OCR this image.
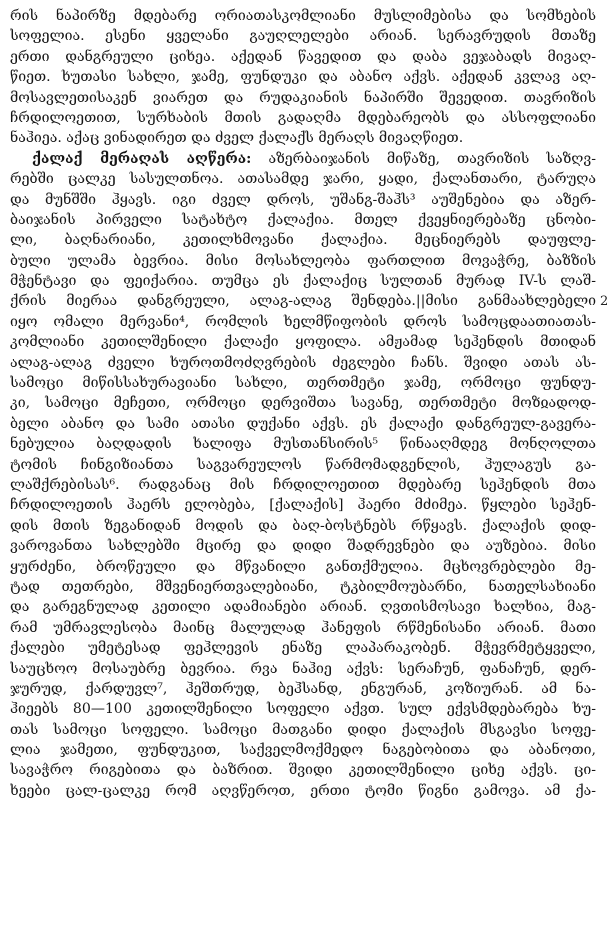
რის ნაპირზე მდებარე ორიათასკომლიანი მუსლიმებისა და სომხების
სოფელია. ესენი ყველანი გაუღლელები არიან. სერავრუდის მთაზე
ერთი დანგრეული ციხეა. აქედან წავედით და დაბა ვეჯაბადს მივაღ-
წიეთ. ხუთასი სახლი, ჯამე, ფუნდუკი და აბანო აქვს. აქედან კვლავ აღ-
მოსავლეთისაკენ ვიარეთ და რუდაკიანის ნაპირში შევედით. თავრიზის
ჩრდილოეთით, სურხაბის მთის გადაღმა მდებარეობს და ასსოფლიანი
ნაჰიეა. აქაც ვინადირეთ და ძველ ქალაქს მერაღს მივაღწიეთ.
ქალაქ მერაღას აღწერა: აზერბაიჯანის მიწაზე, თავრიზის საზღვ-
რებში ცალკე სასულთნოა. ათასამდე ჯარი, ყადი, ქალანთარი, ტარუღა
და მუნშში ჰყავს. იგი ძველ დროს, უშანგ-შაჰს³ აუშენებია და აზერ-
ბაიჯანის პირველი სატახტო ქალაქია. მთელ ქვეყნიერებაზე ცნობი-
ლი, ბაღნარიანი, კეთილხმოვანი ქალაქია. მეცნიერებს დაუფლე-
ბული ულამა ბევრია. მისი მოსახლეობა ფართლით მოვაჭრე, ბაზზის
მჭენტავი და ფეიქარია. თუმცა ეს ქალაქიც სულთან მურად IV-ს ლაშ-
ქრის მიერაა დანგრეული, ალაგ-ალაგ შენდება.||მისი განმაახლებელი
იყო ომალი მერვანი⁴, რომლის ხელმწიფობის დროს სამოცდაათიათას-
კომლიანი კეთილშენილი ქალაქი ყოფილა. ამჟამად სეჰენდის მთიდან
ალაგ-ალაგ ძველი ხუროთმოძღვრების ძეგლები ჩანს. შვიდი ათას ას-
სამოცი მიწისსახურავიანი სახლი, თერთმეტი ჯამე, ორმოცი ფუნდუ-
კი, სამოცი მეჩეთი, ორმოცი დერვიშთა სავანე, თერთმეტი მოზჲადოდ-
ბელი აბანო და სამი ათასი დუქანი აქვს. ეს ქალაქი დანგრეულ-გავერა-
ნებულია ბაღდადის ხალიფა მუსთანსირის⁵ წინააღმდეგ მონღოლთა
ტომის ჩინგიზიანთა საგვარეულოს წარმომადგენლის, ჰულაგუს გა-
ლაშქრებისას⁶. რადგანაც მის ჩრდილოეთით მდებარე სეჰენდის მთა
ჩრდილოეთის ჰაერს ელობება, [ქალაქის] ჰაერი მძიმეა. წყლები სეჰენ-
დის მთის ზეგანიდან მოდის და ბაღ-ბოსტნებს რწყავს. ქალაქის დიდ-
ვაროვანთა სახლებში მცირე და დიდი შადრევნები და აუზებია. მისი
ყურძენი, ბროწეული და მწვანილი განთქმულია. მცხოვრებლები მე-
ტად თეთრები, მშვენიერთვალებიანი, ტკბილმოუბარნი, ნათელსახიანი
და გარეგნულად კეთილი ადამიანები არიან. ღვთისმოსავი ხალხია, მაგ-
რამ უმრავლესობა მაინც მალულად ჰანეფის რწმენისანი არიან. მათი
ქალები უმეტესად ფეჰლევის ენაზე ლაპარაკობენ. მჭევრმეტყველი,
საუცხოო მოსაუბრე ბევრია. რვა ნაჰიე აქვს: სერაჩუნ, ფანაჩუნ, დერ-
ჯურუდ, ქარდუვლ⁷, ჰეშთრუდ, ბეჰსანდ, ენგურან, კოზიურან. ამ ნა-
ჰიეებს 80—100 კეთილშენილი სოფელი აქვთ. სულ ექვსმდებარება ხუ-
თას სამოცი სოფელი. სამოცი მათგანი დიდი ქალაქის მსგავსი სოფე-
ლია ჯამეთი, ფუნდუკით, საქველმოქმედო ნაგებობითა და აბანოთი,
სავაჭრო რიგებითა და ბაზრით. შვიდი კეთილშენილი ციხე აქვს. ცი-
ხეები ცალ-ცალკე რომ აღვწეროთ, ერთი ტომი წიგნი გამოვა. ამ ქა-
2
